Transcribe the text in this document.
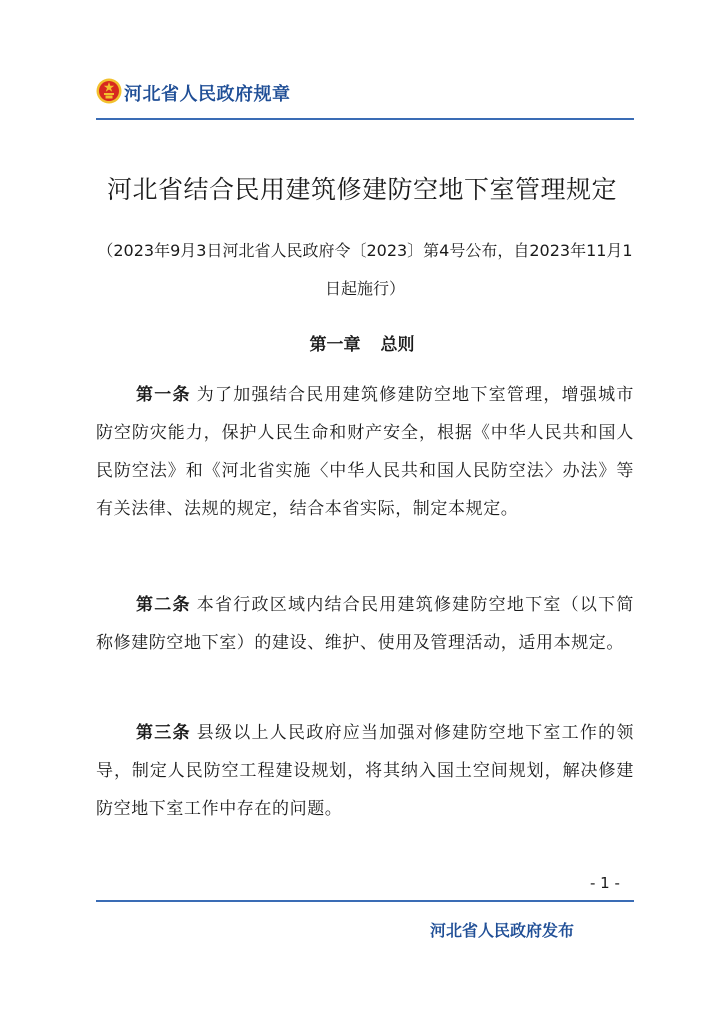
河北省人民政府规章
河北省结合民用建筑修建防空地下室管理规定
（2023年9月3日河北省人民政府令〔2023〕第4号公布，自2023年11月1日起施行）
第一章 总则
第一条 为了加强结合民用建筑修建防空地下室管理，增强城市防空防灾能力，保护人民生命和财产安全，根据《中华人民共和国人民防空法》和《河北省实施〈中华人民共和国人民防空法〉办法》等有关法律、法规的规定，结合本省实际，制定本规定。
第二条 本省行政区域内结合民用建筑修建防空地下室（以下简称修建防空地下室）的建设、维护、使用及管理活动，适用本规定。
第三条 县级以上人民政府应当加强对修建防空地下室工作的领导，制定人民防空工程建设规划，将其纳入国土空间规划，解决修建防空地下室工作中存在的问题。
- 1 -
河北省人民政府发布
